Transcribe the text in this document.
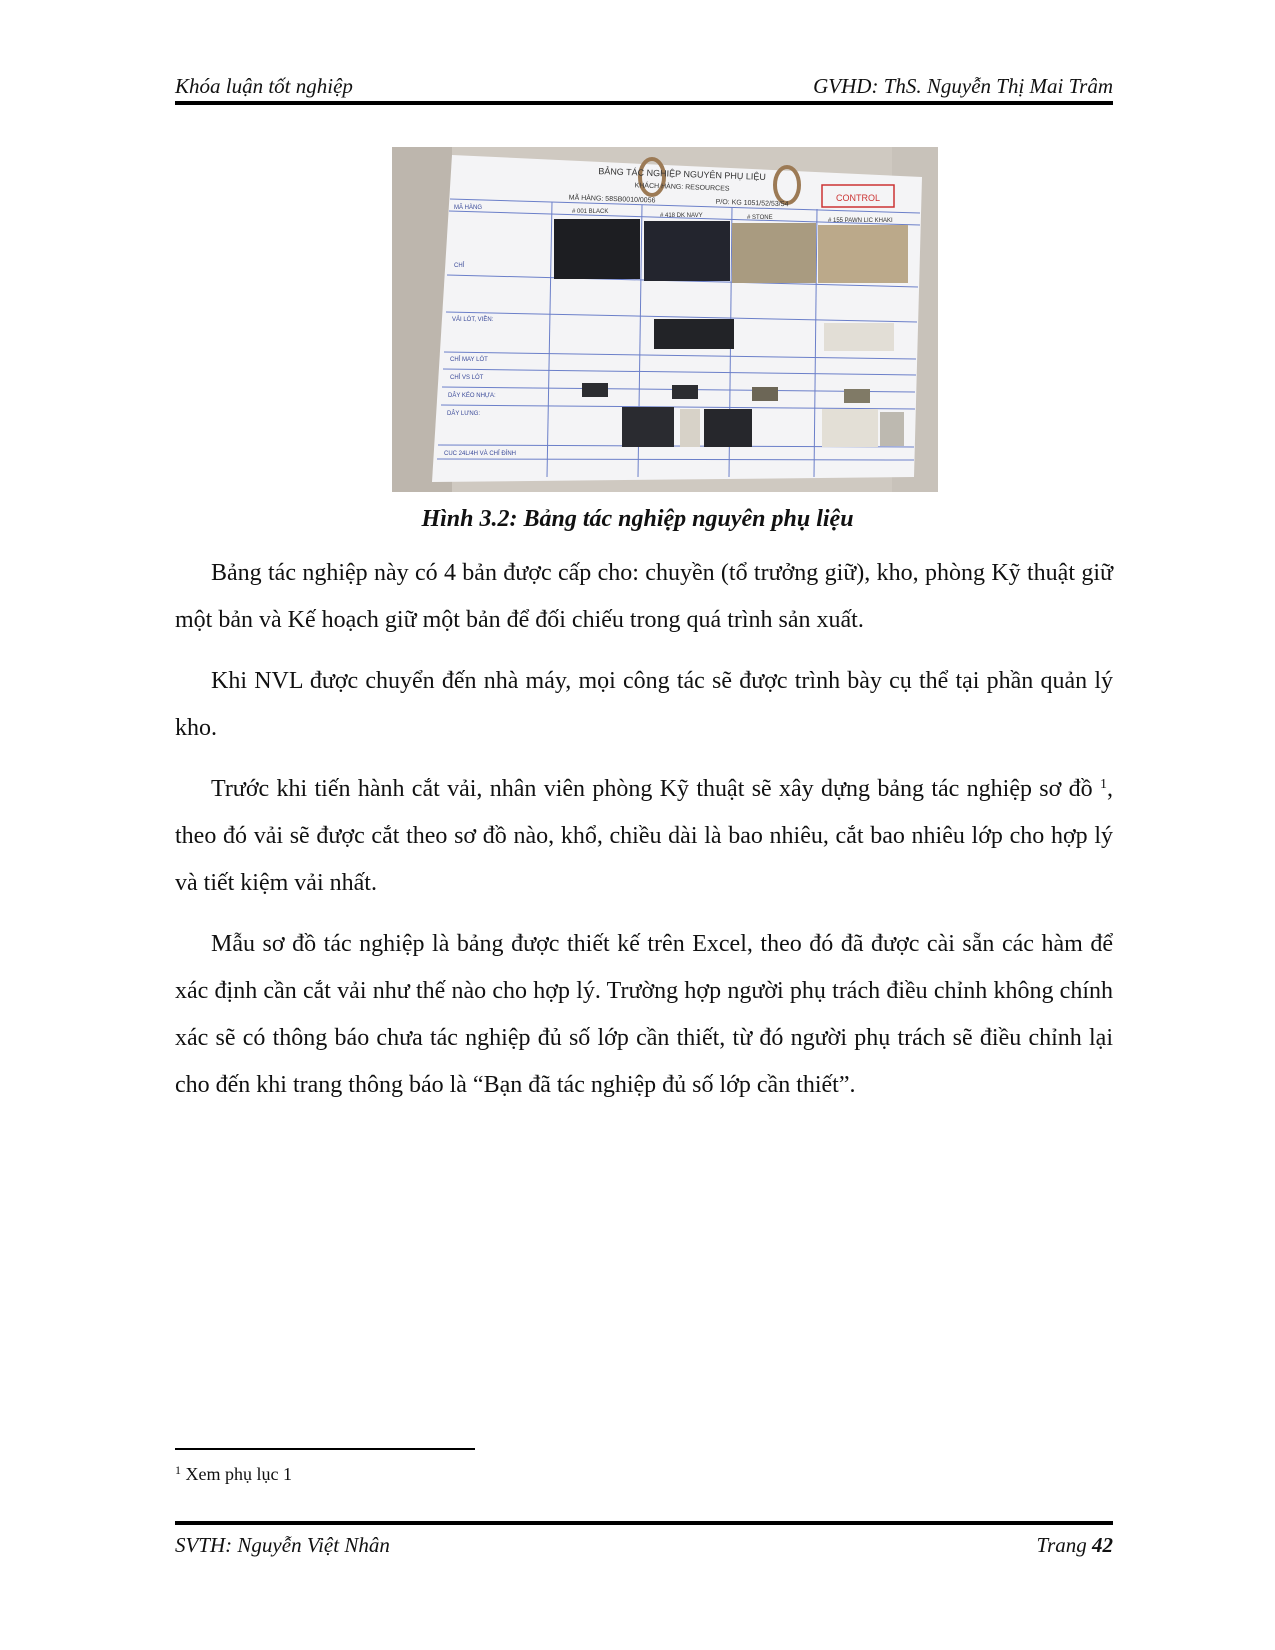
Khóa luận tốt nghiệp	GVHD: ThS. Nguyễn Thị Mai Trâm
CONTROL
BẢNG TÁC NGHIỆP NGUYÊN PHỤ LIỆU
KHÁCH HÀNG: RESOURCES
MÃ HÀNG: 58SB0010/0056	P/O: KG 1051/52/53/54
MÃ HÀNG
CHỈ
VẢI LÓT, VIỀN:
CHỈ MAY LÓT
CHỈ VS LÓT
DÂY KÉO NHỰA:
DÂY LƯNG:
CUC 24L/4H VÀ CHỈ ĐÍNH
# 001 BLACK
# 418 DK NAVY	# STONE	# 155 PAWN LIC KHAKI
Hình 3.2: Bảng tác nghiệp nguyên phụ liệu

Bảng tác nghiệp này có 4 bản được cấp cho: chuyền (tổ trưởng giữ), kho, phòng Kỹ thuật giữ một bản và Kế hoạch giữ một bản để đối chiếu trong quá trình sản xuất.

Khi NVL được chuyển đến nhà máy, mọi công tác sẽ được trình bày cụ thể tại phần quản lý kho.

Trước khi tiến hành cắt vải, nhân viên phòng Kỹ thuật sẽ xây dựng bảng tác nghiệp sơ đồ $^1$, theo đó vải sẽ được cắt theo sơ đồ nào, khổ, chiều dài là bao nhiêu, cắt bao nhiêu lớp cho hợp lý và tiết kiệm vải nhất.

Mẫu sơ đồ tác nghiệp là bảng được thiết kế trên Excel, theo đó đã được cài sẵn các hàm để xác định cần cắt vải như thế nào cho hợp lý. Trường hợp người phụ trách điều chỉnh không chính xác sẽ có thông báo chưa tác nghiệp đủ số lớp cần thiết, từ đó người phụ trách sẽ điều chỉnh lại cho đến khi trang thông báo là “Bạn đã tác nghiệp đủ số lớp cần thiết”.

$^1$ Xem phụ lục 1
SVTH: Nguyễn Việt Nhân	Trang 42
